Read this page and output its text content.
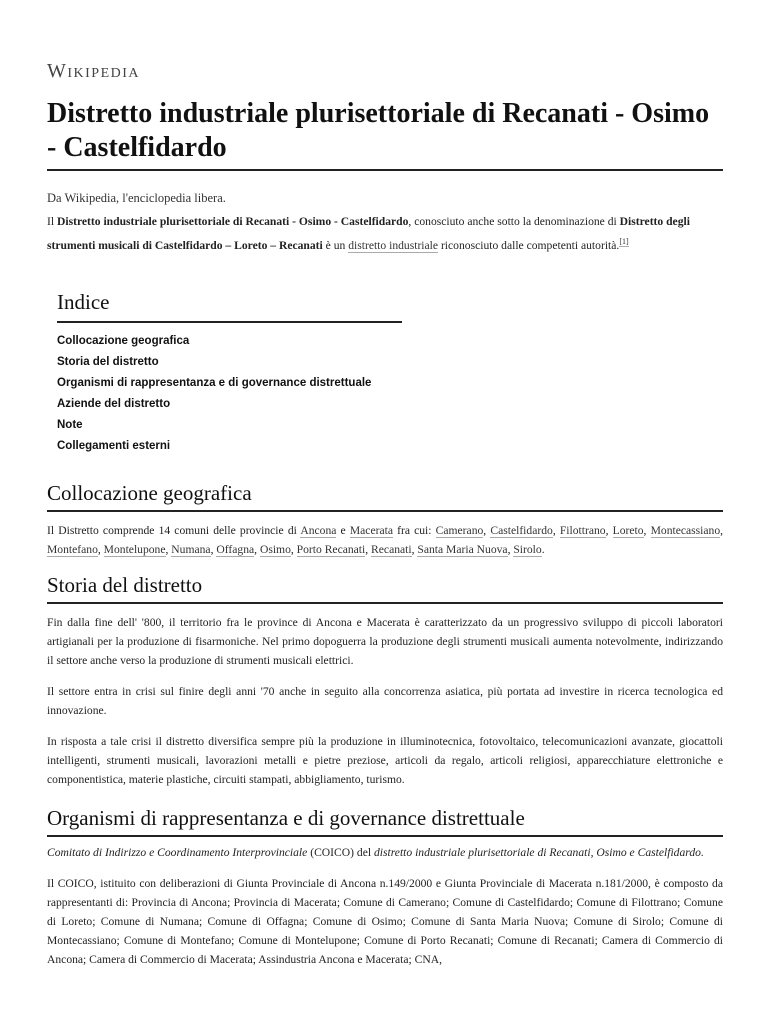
Wikipedia
Distretto industriale plurisettoriale di Recanati - Osimo - Castelfidardo
Da Wikipedia, l'enciclopedia libera.
Il Distretto industriale plurisettoriale di Recanati - Osimo - Castelfidardo, conosciuto anche sotto la denominazione di Distretto degli strumenti musicali di Castelfidardo – Loreto – Recanati è un distretto industriale riconosciuto dalle competenti autorità.[1]
Indice
Collocazione geografica
Storia del distretto
Organismi di rappresentanza e di governance distrettuale
Aziende del distretto
Note
Collegamenti esterni
Collocazione geografica

Il Distretto comprende 14 comuni delle provincie di Ancona e Macerata fra cui: Camerano, Castelfidardo, Filottrano, Loreto, Montecassiano, Montefano, Montelupone, Numana, Offagna, Osimo, Porto Recanati, Recanati, Santa Maria Nuova, Sirolo.

Storia del distretto

Fin dalla fine dell' '800, il territorio fra le province di Ancona e Macerata è caratterizzato da un progressivo sviluppo di piccoli laboratori artigianali per la produzione di fisarmoniche. Nel primo dopoguerra la produzione degli strumenti musicali aumenta notevolmente, indirizzando il settore anche verso la produzione di strumenti musicali elettrici.

Il settore entra in crisi sul finire degli anni '70 anche in seguito alla concorrenza asiatica, più portata ad investire in ricerca tecnologica ed innovazione.

In risposta a tale crisi il distretto diversifica sempre più la produzione in illuminotecnica, fotovoltaico, telecomunicazioni avanzate, giocattoli intelligenti, strumenti musicali, lavorazioni metalli e pietre preziose, articoli da regalo, articoli religiosi, apparecchiature elettroniche e componentistica, materie plastiche, circuiti stampati, abbigliamento, turismo.

Organismi di rappresentanza e di governance distrettuale

Comitato di Indirizzo e Coordinamento Interprovinciale (COICO) del distretto industriale plurisettoriale di Recanati, Osimo e Castelfidardo.

Il COICO, istituito con deliberazioni di Giunta Provinciale di Ancona n.149/2000 e Giunta Provinciale di Macerata n.181/2000, è composto da rappresentanti di: Provincia di Ancona; Provincia di Macerata; Comune di Camerano; Comune di Castelfidardo; Comune di Filottrano; Comune di Loreto; Comune di Numana; Comune di Offagna; Comune di Osimo; Comune di Santa Maria Nuova; Comune di Sirolo; Comune di Montecassiano; Comune di Montefano; Comune di Montelupone; Comune di Porto Recanati; Comune di Recanati; Camera di Commercio di Ancona; Camera di Commercio di Macerata; Assindustria Ancona e Macerata; CNA,
